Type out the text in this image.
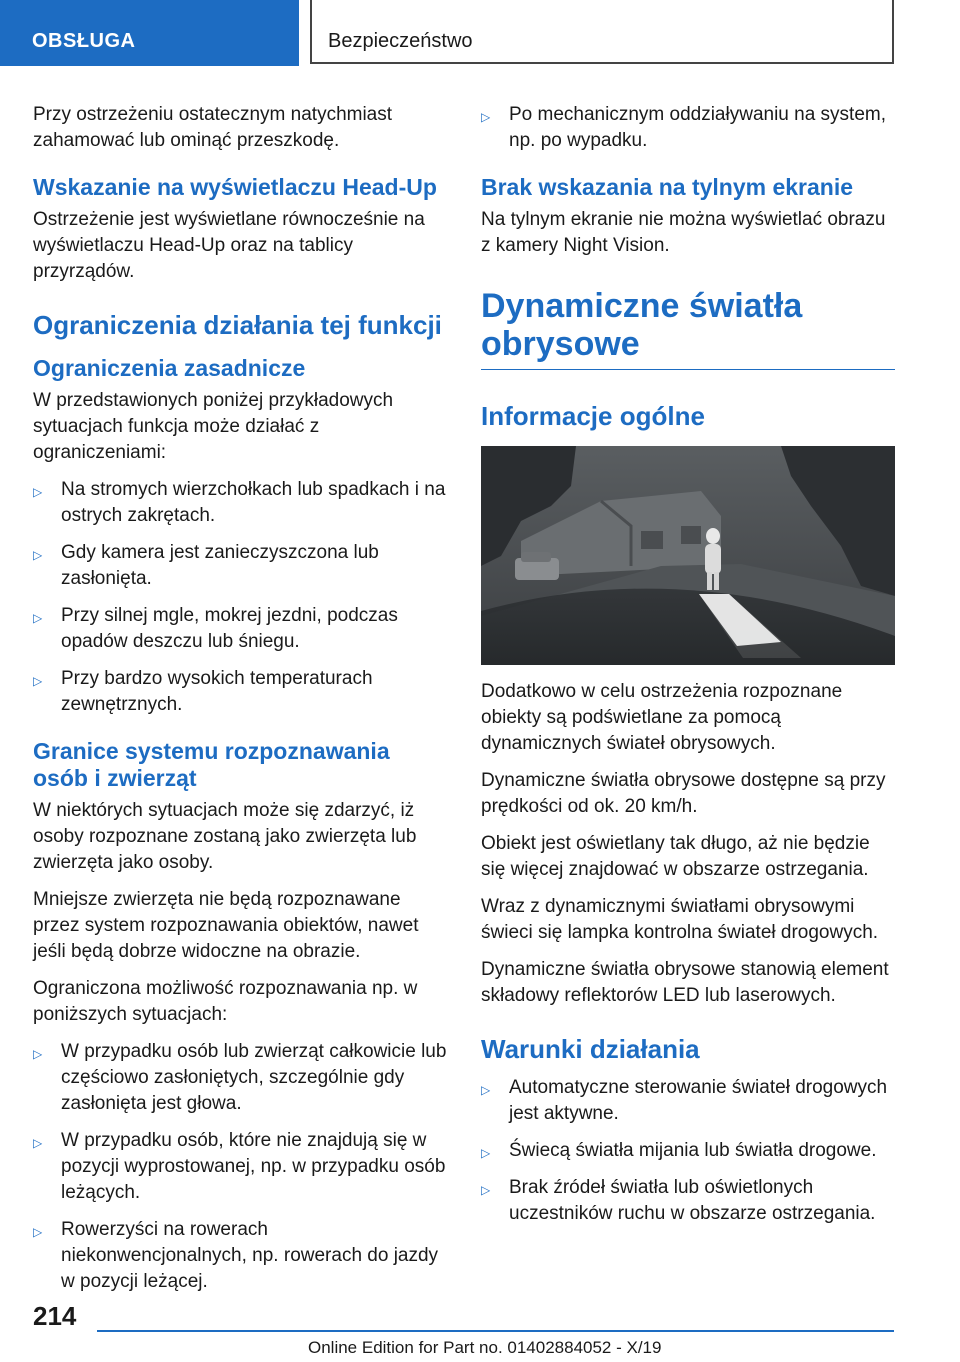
OBSŁUGA	Bezpieczeństwo

Przy ostrzeżeniu ostatecznym natychmiast zahamować lub ominąć przeszkodę.

Wskazanie na wyświetlaczu Head-Up

Ostrzeżenie jest wyświetlane równocześnie na wyświetlaczu Head-Up oraz na tablicy przyrządów.

Ograniczenia działania tej funkcji
Ograniczenia zasadnicze

W przedstawionych poniżej przykładowych sytuacjach funkcja może działać z ograniczeniami:

▷ Na stromych wierzchołkach lub spadkach i na ostrych zakrętach.
▷ Gdy kamera jest zanieczyszczona lub zasłonięta.
▷ Przy silnej mgle, mokrej jezdni, podczas opadów deszczu lub śniegu.
▷ Przy bardzo wysokich temperaturach zewnętrznych.
Granice systemu rozpoznawania osób i zwierząt

W niektórych sytuacjach może się zdarzyć, iż osoby rozpoznane zostaną jako zwierzęta lub zwierzęta jako osoby.

Mniejsze zwierzęta nie będą rozpoznawane przez system rozpoznawania obiektów, nawet jeśli będą dobrze widoczne na obrazie.

Ograniczona możliwość rozpoznawania np. w poniższych sytuacjach:

▷ W przypadku osób lub zwierząt całkowicie lub częściowo zasłoniętych, szczególnie gdy zasłonięta jest głowa.
▷ W przypadku osób, które nie znajdują się w pozycji wyprostowanej, np. w przypadku osób leżących.
▷ Rowerzyści na rowerach niekonwencjonalnych, np. rowerach do jazdy w pozycji leżącej.
▷ Po mechanicznym oddziaływaniu na system, np. po wypadku.
Brak wskazania na tylnym ekranie

Na tylnym ekranie nie można wyświetlać obrazu z kamery Night Vision.

Dynamiczne światła obrysowe
Informacje ogólne

Dodatkowo w celu ostrzeżenia rozpoznane obiekty są podświetlane za pomocą dynamicznych świateł obrysowych.

Dynamiczne światła obrysowe dostępne są przy prędkości od ok. 20 km/h.

Obiekt jest oświetlany tak długo, aż nie będzie się więcej znajdować w obszarze ostrzegania.

Wraz z dynamicznymi światłami obrysowymi świeci się lampka kontrolna świateł drogowych.

Dynamiczne światła obrysowe stanowią element składowy reflektorów LED lub laserowych.

Warunki działania
▷ Automatyczne sterowanie świateł drogowych jest aktywne.
▷ Świecą światła mijania lub światła drogowe.
▷ Brak źródeł światła lub oświetlonych uczestników ruchu w obszarze ostrzegania.
214
Online Edition for Part no. 01402884052 - X/19
